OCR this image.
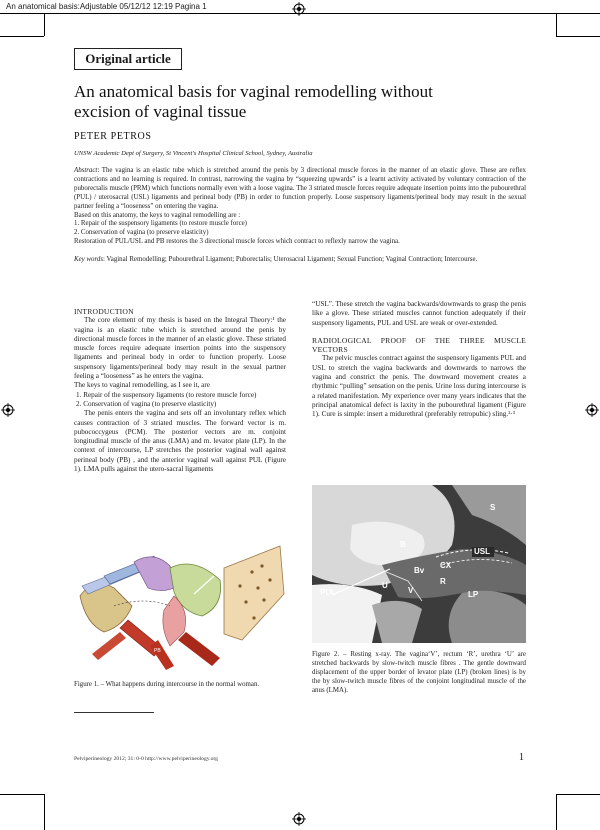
An anatomical basis:Adjustable 05/12/12 12:19 Pagina 1
Original article
An anatomical basis for vaginal remodelling without excision of vaginal tissue
PETER PETROS
UNSW Academic Dept of Surgery, St Vincent's Hospital Clinical School, Sydney, Australia

Abstract: The vagina is an elastic tube which is stretched around the penis by 3 directional muscle forces in the manner of an elastic glove. These are reflex contractions and no learning is required. In contrast, narrowing the vagina by “squeezing upwards” is a learnt activity activated by voluntary contraction of the puborectalis muscle (PRM) which functions normally even with a loose vagina. The 3 striated muscle forces require adequate insertion points into the pubourethral (PUL) / uterosacral (USL) ligaments and perineal body (PB) in order to function properly. Loose suspensory ligaments/perineal body may result in the sexual partner feeling a “looseness” on entering the vagina.

Based on this anatomy, the keys to vaginal remodelling are :

1. Repair of the suspensory ligaments (to restore muscle force)

2. Conservation of vagina (to preserve elasticity)

Restoration of PUL/USL and PB restores the 3 directional muscle forces which contract to reflexly narrow the vagina.

Key words: Vaginal Remodelling; Pubourethral Ligament; Puborectalis; Uterosacral Ligament; Sexual Function; Vaginal Contraction; Intercourse.

INTRODUCTION

The core element of my thesis is based on the Integral Theory:¹ the vagina is an elastic tube which is stretched around the penis by directional muscle forces in the manner of an elastic glove. These striated muscle forces require adequate insertion points into the suspensory ligaments and perineal body in order to function properly. Loose suspensory ligaments/perineal body may result in the sexual partner feeling a “looseness” as he enters the vagina.

The keys to vaginal remodelling, as I see it, are

1. Repair of the suspensory ligaments (to restore muscle force)

2. Conservation of vagina (to preserve elasticity)

The penis enters the vagina and sets off an involuntary reflex which causes contraction of 3 striated muscles. The forward vector is m. pubococcygeus (PCM). The posterior vectors are m. conjoint longitudinal muscle of the anus (LMA) and m. levator plate (LP). In the context of intercourse, LP stretches the posterior vaginal wall against perineal body (PB) , and the anterior vaginal wall against PUL (Figure 1). LMA pulls against the utero-sacral ligaments

PB
Figure 1. – What happens during intercourse in the normal woman.

“USL”. These stretch the vagina backwards/downwards to grasp the penis like a glove. These striated muscles cannot function adequately if their suspensory ligaments, PUL and USL are weak or over-extended.

RADIOLOGICAL PROOF OF THE THREE MUSCLE VECTORS

The pelvic muscles contract against the suspensory ligaments PUL and USL to stretch the vagina backwards and downwards to narrows the vagina and constrict the penis. The downward movement creates a rhythmic “pulling” sensation on the penis. Urine loss during intercourse is a related manifestation. My experience over many years indicates that the principal anatomical defect is laxity in the pubourethral ligament (Figure 1). Cure is simple: insert a midurethral (preferably retropubic) sling.²·³

S
B
Bv
CX
USL
U
V
R
PUL	LP
Figure 2. – Resting x-ray. The vagina‘V’, rectum ‘R’, urethra ‘U’ are stretched backwards by slow-twitch muscle fibres . The gentle downward displacement of the upper border of levator plate (LP) (broken lines) is by the by slow-twitch muscle fibres of the conjoint longitudinal muscle of the anus (LMA).
Pelviperineology 2012; 31: 0-0 http://www.pelviperineology.org	1
